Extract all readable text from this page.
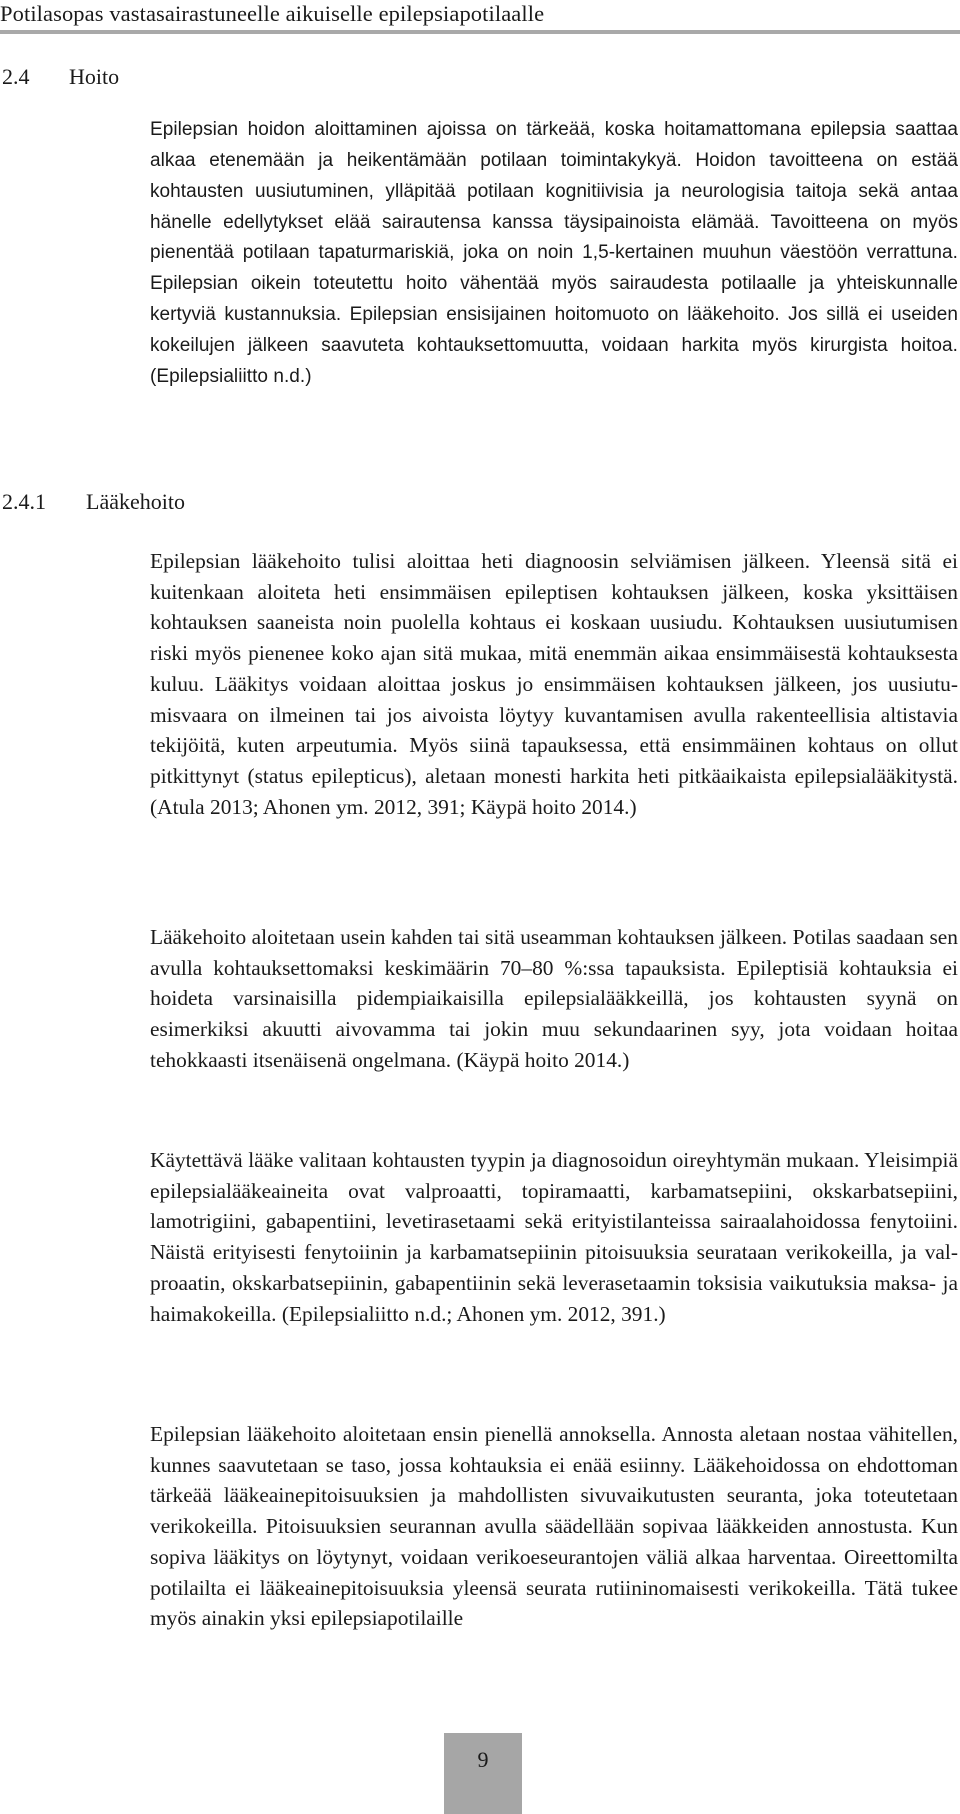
Potilasopas vastasairastuneelle aikuiselle epilepsiapotilaalle
2.4 Hoito

Epilepsian hoidon aloittaminen ajoissa on tärkeää, koska hoitamattomana epilepsia saattaa alkaa etenemään ja heikentämään potilaan toimintakykyä. Hoidon tavoitteena on estää kohtausten uusiutuminen, ylläpitää potilaan kognitiivisia ja neurologisia taitoja sekä antaa hänelle edellytykset elää sairautensa kanssa täysipainoista elämää. Tavoitteena on myös pienentää potilaan tapaturmariskiä, joka on noin 1,5-kertainen muuhun väestöön verrattuna. Epilepsian oikein toteutettu hoito vähentää myös sairaudesta potilaalle ja yhteiskunnalle kertyviä kustannuksia. Epilepsian ensisijainen hoitomuoto on lääkehoito. Jos sillä ei useiden kokeilujen jälkeen saavuteta kohtauksettomuutta, voidaan harkita myös kirurgista hoitoa. (Epilepsialiitto n.d.)

2.4.1 Lääkehoito

Epilepsian lääkehoito tulisi aloittaa heti diagnoosin selviämisen jälkeen. Yleensä sitä ei kuitenkaan aloiteta heti ensimmäisen epileptisen kohtauksen jälkeen, koska yksittäisen kohtauksen saaneista noin puolella kohtaus ei koskaan uusiudu. Kohtauksen uusiutumisen riski myös pienenee koko ajan sitä mukaa, mitä enemmän aikaa ensimmäisestä kohtauksesta kuluu. Lääkitys voidaan aloittaa joskus jo ensimmäisen kohtauksen jälkeen, jos uusiutumisvaara on ilmeinen tai jos aivoista löytyy kuvantamisen avulla rakenteellisia altistavia tekijöitä, kuten arpeutumia. Myös siinä tapauksessa, että ensimmäinen kohtaus on ollut pitkittynyt (status epilepticus), aletaan monesti harkita heti pitkäaikaista epilepsialääkitystä. (Atula 2013; Ahonen ym. 2012, 391; Käypä hoito 2014.)

Lääkehoito aloitetaan usein kahden tai sitä useamman kohtauksen jälkeen. Potilas saadaan sen avulla kohtauksettomaksi keskimäärin 70–80 %:ssa tapauksista. Epileptisiä kohtauksia ei hoideta varsinaisilla pidempiaikaisilla epilepsialääkkeillä, jos kohtausten syynä on esimerkiksi akuutti aivovamma tai jokin muu sekundaarinen syy, jota voidaan hoitaa tehokkaasti itsenäisenä ongelmana. (Käypä hoito 2014.)

Käytettävä lääke valitaan kohtausten tyypin ja diagnosoidun oireyhtymän mukaan. Yleisimpiä epilepsialääkeaineita ovat valproaatti, topiramaatti, karbamatsepiini, okskarbatsepiini, lamotrigiini, gabapentiini, levetirasetaami sekä erityistilanteissa sairaalahoidossa fenytoiini. Näistä erityisesti fenytoiinin ja karbamatsepiinin pitoisuuksia seurataan verikokeilla, ja valproaatin, okskarbatsepiinin, gabapentiinin sekä leverasetaamin toksisia vaikutuksia maksa- ja haimakokeilla. (Epilepsialiitto n.d.; Ahonen ym. 2012, 391.)

Epilepsian lääkehoito aloitetaan ensin pienellä annoksella. Annosta aletaan nostaa vähitellen, kunnes saavutetaan se taso, jossa kohtauksia ei enää esiinny. Lääkehoidossa on ehdottoman tärkeää lääkeainepitoisuuksien ja mahdollisten sivuvaikutusten seuranta, joka toteutetaan verikokeilla. Pitoisuuksien seurannan avulla säädellään sopivaa lääkkeiden annostusta. Kun sopiva lääkitys on löytynyt, voidaan verikoeseurantojen väliä alkaa harventaa. Oireettomilta potilailta ei lääkeainepitoisuuksia yleensä seurata rutiininomaisesti verikokeilla. Tätä tukee myös ainakin yksi epilepsiapotilaille

9
